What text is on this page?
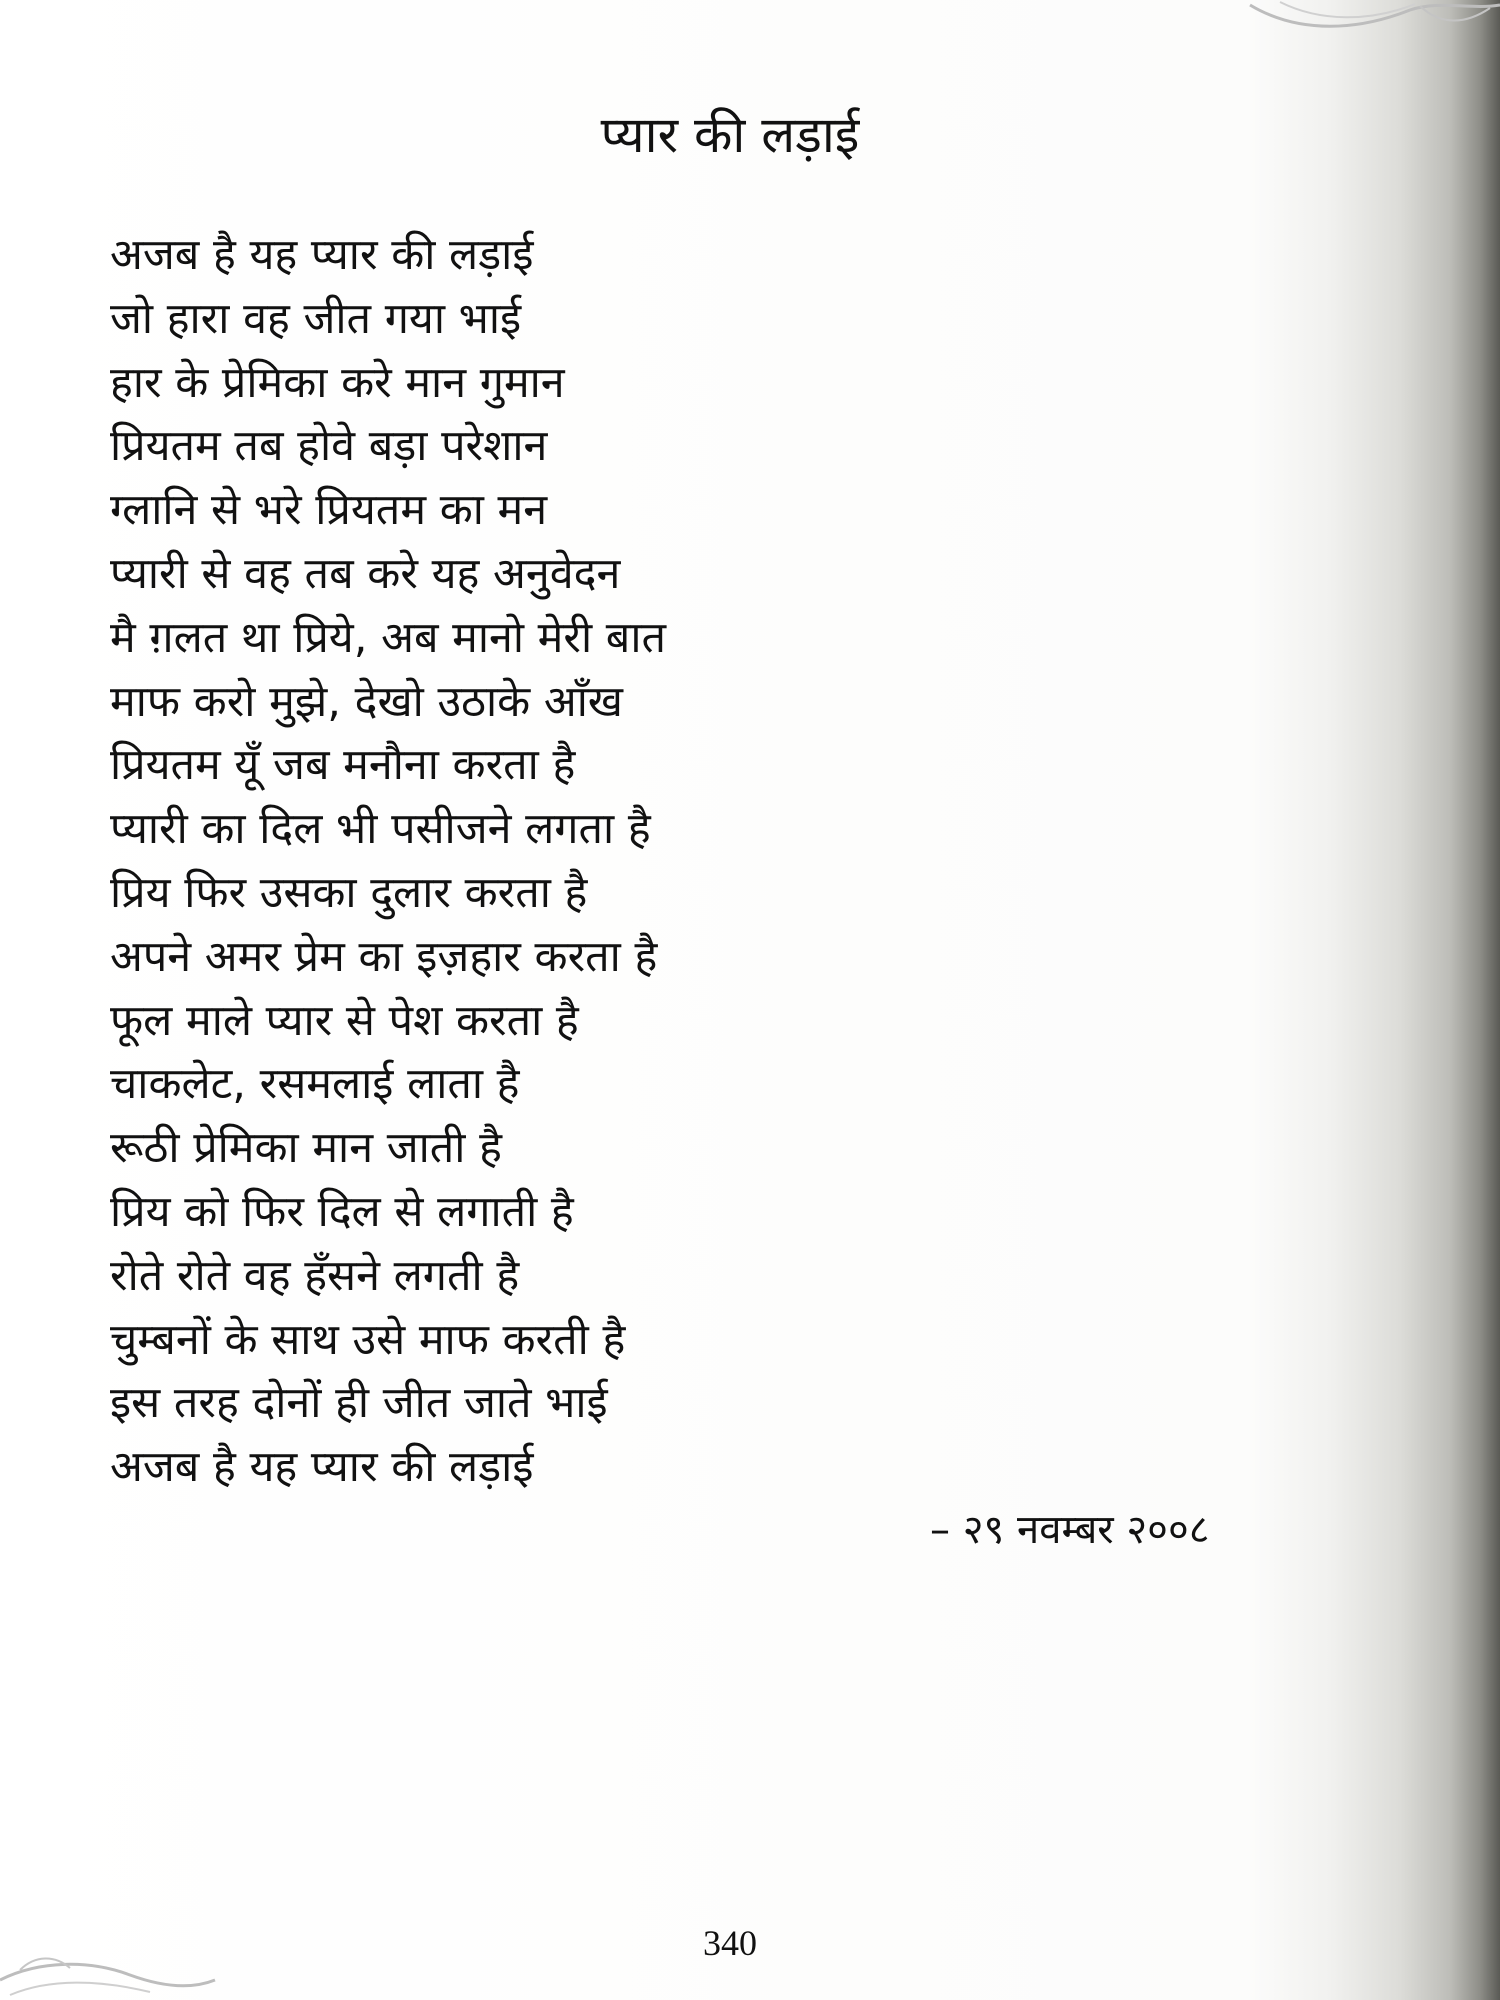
प्यार की लड़ाई
अजब है यह प्यार की लड़ाई
जो हारा वह जीत गया भाई
हार के प्रेमिका करे मान गुमान
प्रियतम तब होवे बड़ा परेशान
ग्लानि से भरे प्रियतम का मन
प्यारी से वह तब करे यह अनुवेदन
मै ग़लत था प्रिये, अब मानो मेरी बात
माफ करो मुझे, देखो उठाके आँख
प्रियतम यूँ जब मनौना करता है
प्यारी का दिल भी पसीजने लगता है
प्रिय फिर उसका दुलार करता है
अपने अमर प्रेम का इज़हार करता है
फूल माले प्यार से पेश करता है
चाकलेट, रसमलाई लाता है
रूठी प्रेमिका मान जाती है
प्रिय को फिर दिल से लगाती है
रोते रोते वह हँसने लगती है
चुम्बनों के साथ उसे माफ करती है
इस तरह दोनों ही जीत जाते भाई
अजब है यह प्यार की लड़ाई
– २९ नवम्बर २००८
340
